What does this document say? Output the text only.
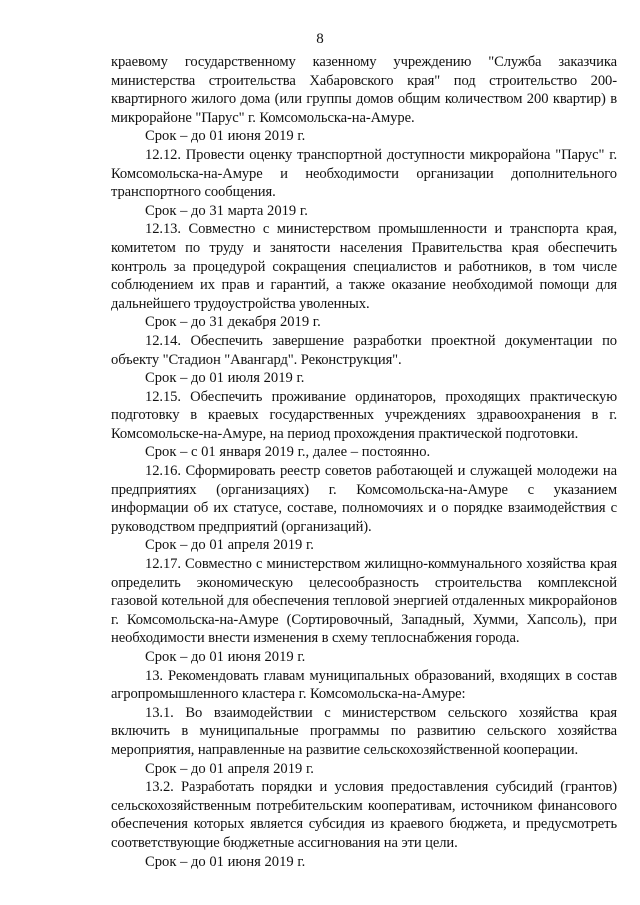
8

краевому государственному казенному учреждению "Служба заказчика министерства строительства Хабаровского края" под строительство 200-квартирного жилого дома (или группы домов общим количеством 200 квартир) в микрорайоне "Парус" г. Комсомольска-на-Амуре.

Срок – до 01 июня 2019 г.

12.12. Провести оценку транспортной доступности микрорайона "Парус" г. Комсомольска-на-Амуре и необходимости организации дополнительного транспортного сообщения.

Срок – до 31 марта 2019 г.

12.13. Совместно с министерством промышленности и транспорта края, комитетом по труду и занятости населения Правительства края обеспечить контроль за процедурой сокращения специалистов и работников, в том числе соблюдением их прав и гарантий, а также оказание необходимой помощи для дальнейшего трудоустройства уволенных.

Срок – до 31 декабря 2019 г.

12.14. Обеспечить завершение разработки проектной документации по объекту "Стадион "Авангард". Реконструкция".

Срок – до 01 июля 2019 г.

12.15. Обеспечить проживание ординаторов, проходящих практическую подготовку в краевых государственных учреждениях здравоохранения в г. Комсомольске-на-Амуре, на период прохождения практической подготовки.

Срок – с 01 января 2019 г., далее – постоянно.

12.16. Сформировать реестр советов работающей и служащей молодежи на предприятиях (организациях) г. Комсомольска-на-Амуре с указанием информации об их статусе, составе, полномочиях и о порядке взаимодействия с руководством предприятий (организаций).

Срок – до 01 апреля 2019 г.

12.17. Совместно с министерством жилищно-коммунального хозяйства края определить экономическую целесообразность строительства комплексной газовой котельной для обеспечения тепловой энергией отдаленных микрорайонов г. Комсомольска-на-Амуре (Сортировочный, Западный, Хумми, Хапсоль), при необходимости внести изменения в схему теплоснабжения города.

Срок – до 01 июня 2019 г.

13. Рекомендовать главам муниципальных образований, входящих в состав агропромышленного кластера г. Комсомольска-на-Амуре:

13.1. Во взаимодействии с министерством сельского хозяйства края включить в муниципальные программы по развитию сельского хозяйства мероприятия, направленные на развитие сельскохозяйственной кооперации.

Срок – до 01 апреля 2019 г.

13.2. Разработать порядки и условия предоставления субсидий (грантов) сельскохозяйственным потребительским кооперативам, источником финансового обеспечения которых является субсидия из краевого бюджета, и предусмотреть соответствующие бюджетные ассигнования на эти цели.

Срок – до 01 июня 2019 г.
